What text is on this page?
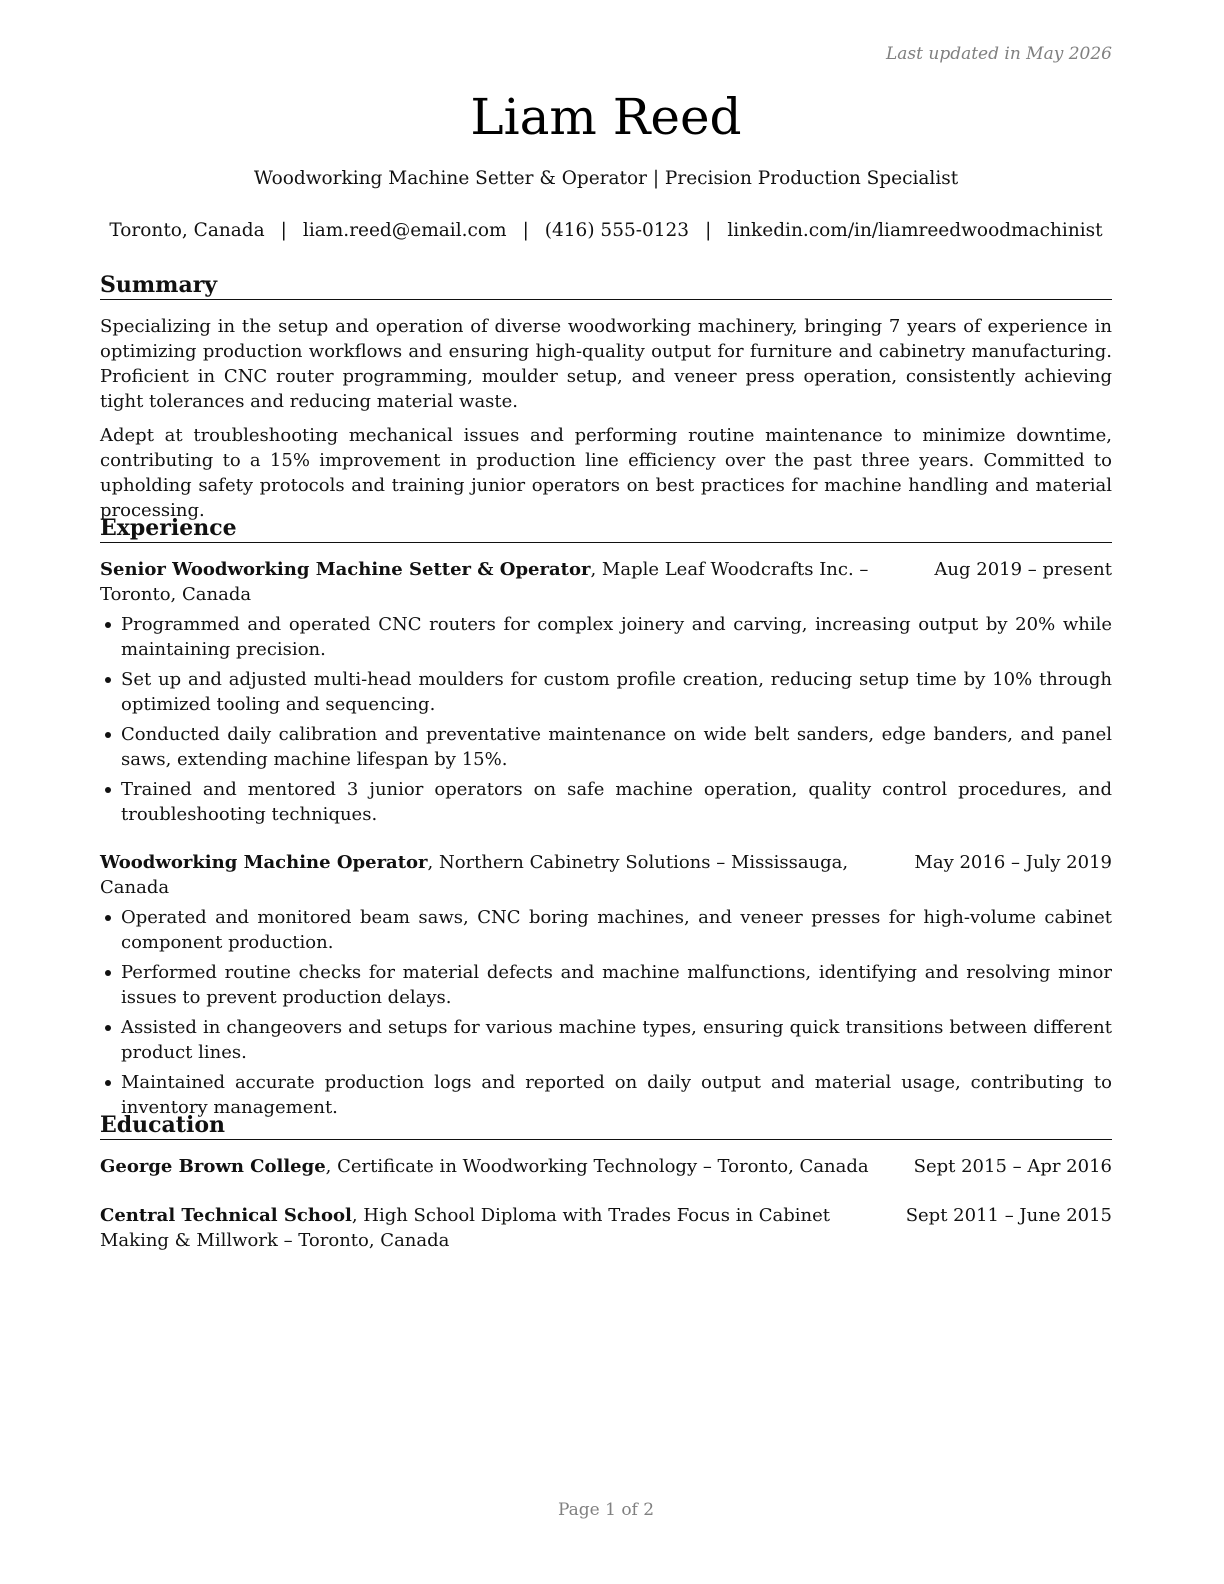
Last updated in May 2026
Liam Reed
Woodworking Machine Setter & Operator | Precision Production Specialist
Toronto, Canada | liam.reed@email.com | (416) 555-0123 | linkedin.com/in/liamreedwoodmachinist
Summary

Specializing in the setup and operation of diverse woodworking machinery, bringing 7 years of experience in optimizing production workflows and ensuring high-quality output for furniture and cabinetry manufacturing. Proficient in CNC router programming, moulder setup, and veneer press operation, consistently achieving tight tolerances and reducing material waste.

Adept at troubleshooting mechanical issues and performing routine maintenance to minimize downtime, contributing to a 15% improvement in production line efficiency over the past three years. Committed to upholding safety protocols and training junior operators on best practices for machine handling and material processing.

Experience
Senior Woodworking Machine Setter & Operator, Maple Leaf Woodcrafts Inc. – Toronto, Canada
Aug 2019 – present
Programmed and operated CNC routers for complex joinery and carving, increasing output by 20% while maintaining precision.
Set up and adjusted multi-head moulders for custom profile creation, reducing setup time by 10% through optimized tooling and sequencing.
Conducted daily calibration and preventative maintenance on wide belt sanders, edge banders, and panel saws, extending machine lifespan by 15%.
Trained and mentored 3 junior operators on safe machine operation, quality control procedures, and troubleshooting techniques.
Woodworking Machine Operator, Northern Cabinetry Solutions – Mississauga, Canada
May 2016 – July 2019
Operated and monitored beam saws, CNC boring machines, and veneer presses for high-volume cabinet component production.
Performed routine checks for material defects and machine malfunctions, identifying and resolving minor issues to prevent production delays.
Assisted in changeovers and setups for various machine types, ensuring quick transitions between different product lines.
Maintained accurate production logs and reported on daily output and material usage, contributing to inventory management.
Education
George Brown College, Certificate in Woodworking Technology – Toronto, Canada	Sept 2015 – Apr 2016
Central Technical School, High School Diploma with Trades Focus in Cabinet Making & Millwork – Toronto, Canada
Sept 2011 – June 2015
Page 1 of 2
